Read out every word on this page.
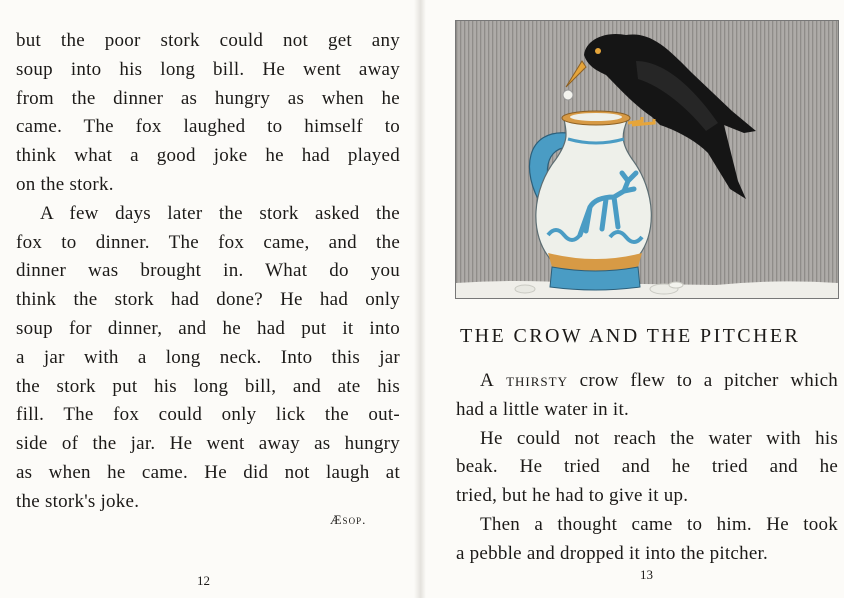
but the poor stork could not get any
soup into his long bill. He went away
from the dinner as hungry as when he
came. The fox laughed to himself to
think what a good joke he had played
on the stork.
A few days later the stork asked the
fox to dinner. The fox came, and the
dinner was brought in. What do you
think the stork had done? He had only
soup for dinner, and he had put it into
a jar with a long neck. Into this jar
the stork put his long bill, and ate his
fill. The fox could only lick the out-
side of the jar. He went away as hungry
as when he came. He did not laugh at
the stork's joke.
Æsop.
12
THE CROW AND THE PITCHER
A thirsty crow flew to a pitcher which
had a little water in it.
He could not reach the water with his
beak. He tried and he tried and he
tried, but he had to give it up.
Then a thought came to him. He took
a pebble and dropped it into the pitcher.
13
